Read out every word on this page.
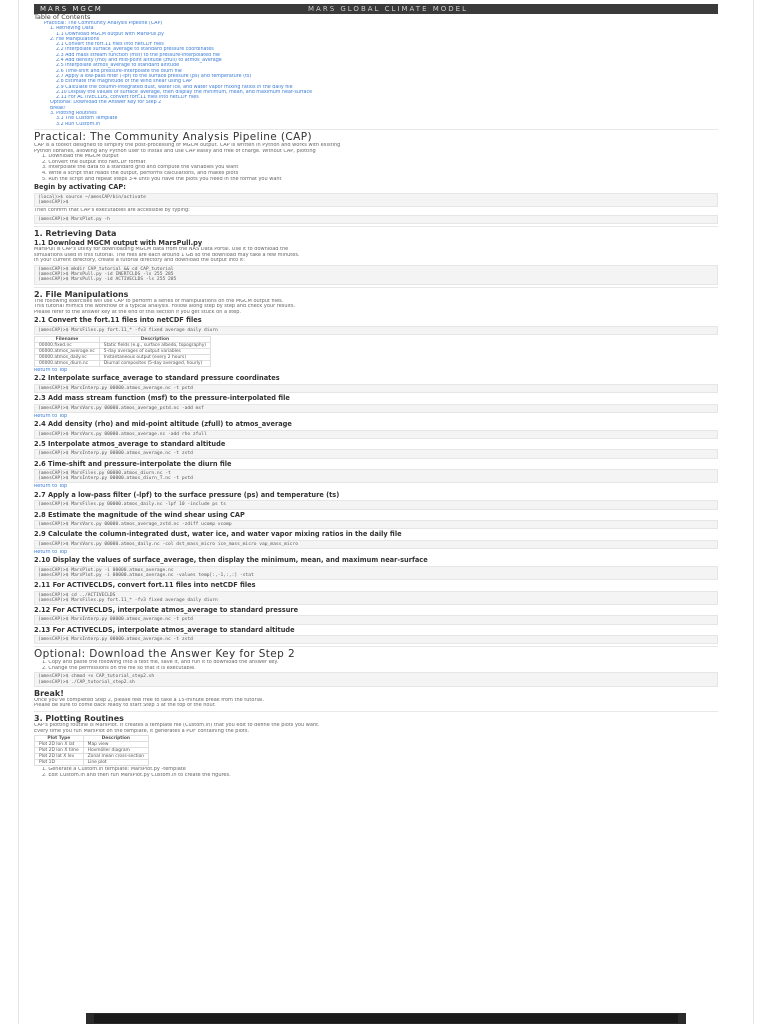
MARS MGCM	MARS GLOBAL CLIMATE MODEL
Table of Contents
Practical: The Community Analysis Pipeline (CAP)
1. Retrieving Data
1.1 Download MGCM output with MarsPull.py
2. File Manipulations
2.1 Convert the fort.11 files into netCDF files
2.2 Interpolate surface_average to standard pressure coordinates
2.3 Add mass stream function (msf) to the pressure-interpolated file
2.4 Add density (rho) and mid-point altitude (zfull) to atmos_average
2.5 Interpolate atmos_average to standard altitude
2.6 Time-shift and pressure-interpolate the diurn file
2.7 Apply a low-pass filter (-lpf) to the surface pressure (ps) and temperature (ts)
2.8 Estimate the magnitude of the wind shear using CAP
2.9 Calculate the column-integrated dust, water ice, and water vapor mixing ratios in the daily file
2.10 Display the values of surface_average, then display the minimum, mean, and maximum near-surface
2.11 For ACTIVECLDS, convert fort.11 files into netCDF files
Optional: Download the Answer Key for Step 2
Break!
3. Plotting Routines
3.1 The Custom Template
3.2 Run Custom.in
Practical: The Community Analysis Pipeline (CAP)
CAP is a toolkit designed to simplify the post-processing of MGCM output. CAP is written in Python and works with existing
Python libraries, allowing any Python user to install and use CAP easily and free of charge. Without CAP, plotting
1. Download the MGCM output
2. Convert the output into netCDF format
3. Interpolate the data to a standard grid and compute the variables you want
4. Write a script that reads the output, performs calculations, and makes plots
5. Run the script and repeat steps 3-4 until you have the plots you need in the format you want
Begin by activating CAP:
(local)>$ source ~/amesCAP/bin/activate
(amesCAP)>$
Then confirm that CAP's executables are accessible by typing:
(amesCAP)>$ MarsPlot.py -h
1. Retrieving Data
1.1 Download MGCM output with MarsPull.py
MarsPull is CAP's utility for downloading MGCM data from the NAS Data Portal. Use it to download the
simulations used in this tutorial. The files are each around 1 GB so the download may take a few minutes.
In your current directory, create a tutorial directory and download the output into it:
(amesCAP)>$ mkdir CAP_tutorial && cd CAP_tutorial
(amesCAP)>$ MarsPull.py -id INERTCLDS -ls 255 285
(amesCAP)>$ MarsPull.py -id ACTIVECLDS -ls 255 285
2. File Manipulations
The following exercises will use CAP to perform a series of manipulations on the MGCM output files.
This tutorial mimics the workflow of a typical analysis. Follow along step by step and check your results.
Please refer to the answer key at the end of this section if you get stuck on a step.
2.1 Convert the fort.11 files into netCDF files
(amesCAP)>$ MarsFiles.py fort.11_* -fv3 fixed average daily diurn
Filename	Description
00000.fixed.nc	Static fields (e.g., surface albedo, topography)
00000.atmos_average.nc	5-day averages of output variables
00000.atmos_daily.nc	Instantaneous output (every 2 hours)
00000.atmos_diurn.nc	Diurnal composites (5-day averaged, hourly)
Return to Top
2.2 Interpolate surface_average to standard pressure coordinates
(amesCAP)>$ MarsInterp.py 00000.atmos_average.nc -t pstd
2.3 Add mass stream function (msf) to the pressure-interpolated file
(amesCAP)>$ MarsVars.py 00000.atmos_average_pstd.nc -add msf
Return to Top
2.4 Add density (rho) and mid-point altitude (zfull) to atmos_average
(amesCAP)>$ MarsVars.py 00000.atmos_average.nc -add rho zfull
2.5 Interpolate atmos_average to standard altitude
(amesCAP)>$ MarsInterp.py 00000.atmos_average.nc -t zstd
2.6 Time-shift and pressure-interpolate the diurn file
(amesCAP)>$ MarsFiles.py 00000.atmos_diurn.nc -t
(amesCAP)>$ MarsInterp.py 00000.atmos_diurn_T.nc -t pstd
Return to Top
2.7 Apply a low-pass filter (-lpf) to the surface pressure (ps) and temperature (ts)
(amesCAP)>$ MarsFiles.py 00000.atmos_daily.nc -lpf 10 -include ps ts
2.8 Estimate the magnitude of the wind shear using CAP
(amesCAP)>$ MarsVars.py 00000.atmos_average_zstd.nc -zdiff ucomp vcomp
2.9 Calculate the column-integrated dust, water ice, and water vapor mixing ratios in the daily file
(amesCAP)>$ MarsVars.py 00000.atmos_daily.nc -col dst_mass_micro ice_mass_micro vap_mass_micro
Return to Top
2.10 Display the values of surface_average, then display the minimum, mean, and maximum near-surface
(amesCAP)>$ MarsPlot.py -i 00000.atmos_average.nc
(amesCAP)>$ MarsPlot.py -i 00000.atmos_average.nc -values temp[:,-1,:,:] -stat
2.11 For ACTIVECLDS, convert fort.11 files into netCDF files
(amesCAP)>$ cd ../ACTIVECLDS
(amesCAP)>$ MarsFiles.py fort.11_* -fv3 fixed average daily diurn
2.12 For ACTIVECLDS, interpolate atmos_average to standard pressure
(amesCAP)>$ MarsInterp.py 00000.atmos_average.nc -t pstd
2.13 For ACTIVECLDS, interpolate atmos_average to standard altitude
(amesCAP)>$ MarsInterp.py 00000.atmos_average.nc -t zstd
Optional: Download the Answer Key for Step 2
1. Copy and paste the following into a text file, save it, and run it to download the answer key.
2. Change the permissions on the file so that it is executable.
(amesCAP)>$ chmod +x CAP_tutorial_step2.sh
(amesCAP)>$ ./CAP_tutorial_step2.sh
Break!
Once you've completed Step 2, please feel free to take a 15-minute break from the tutorial.
Please be sure to come back ready to start Step 3 at the top of the hour.
3. Plotting Routines
CAP's plotting routine is MarsPlot. It creates a template file (Custom.in) that you edit to define the plots you want.
Every time you run MarsPlot on the template, it generates a PDF containing the plots.
Plot Type	Description
Plot 2D lon X lat	Map view
Plot 2D lon X time	Hovmöller diagram
Plot 2D lat X lev	Zonal mean cross-section
Plot 1D	Line plot
1. Generate a Custom.in template: MarsPlot.py -template
2. Edit Custom.in and then run MarsPlot.py Custom.in to create the figures.
